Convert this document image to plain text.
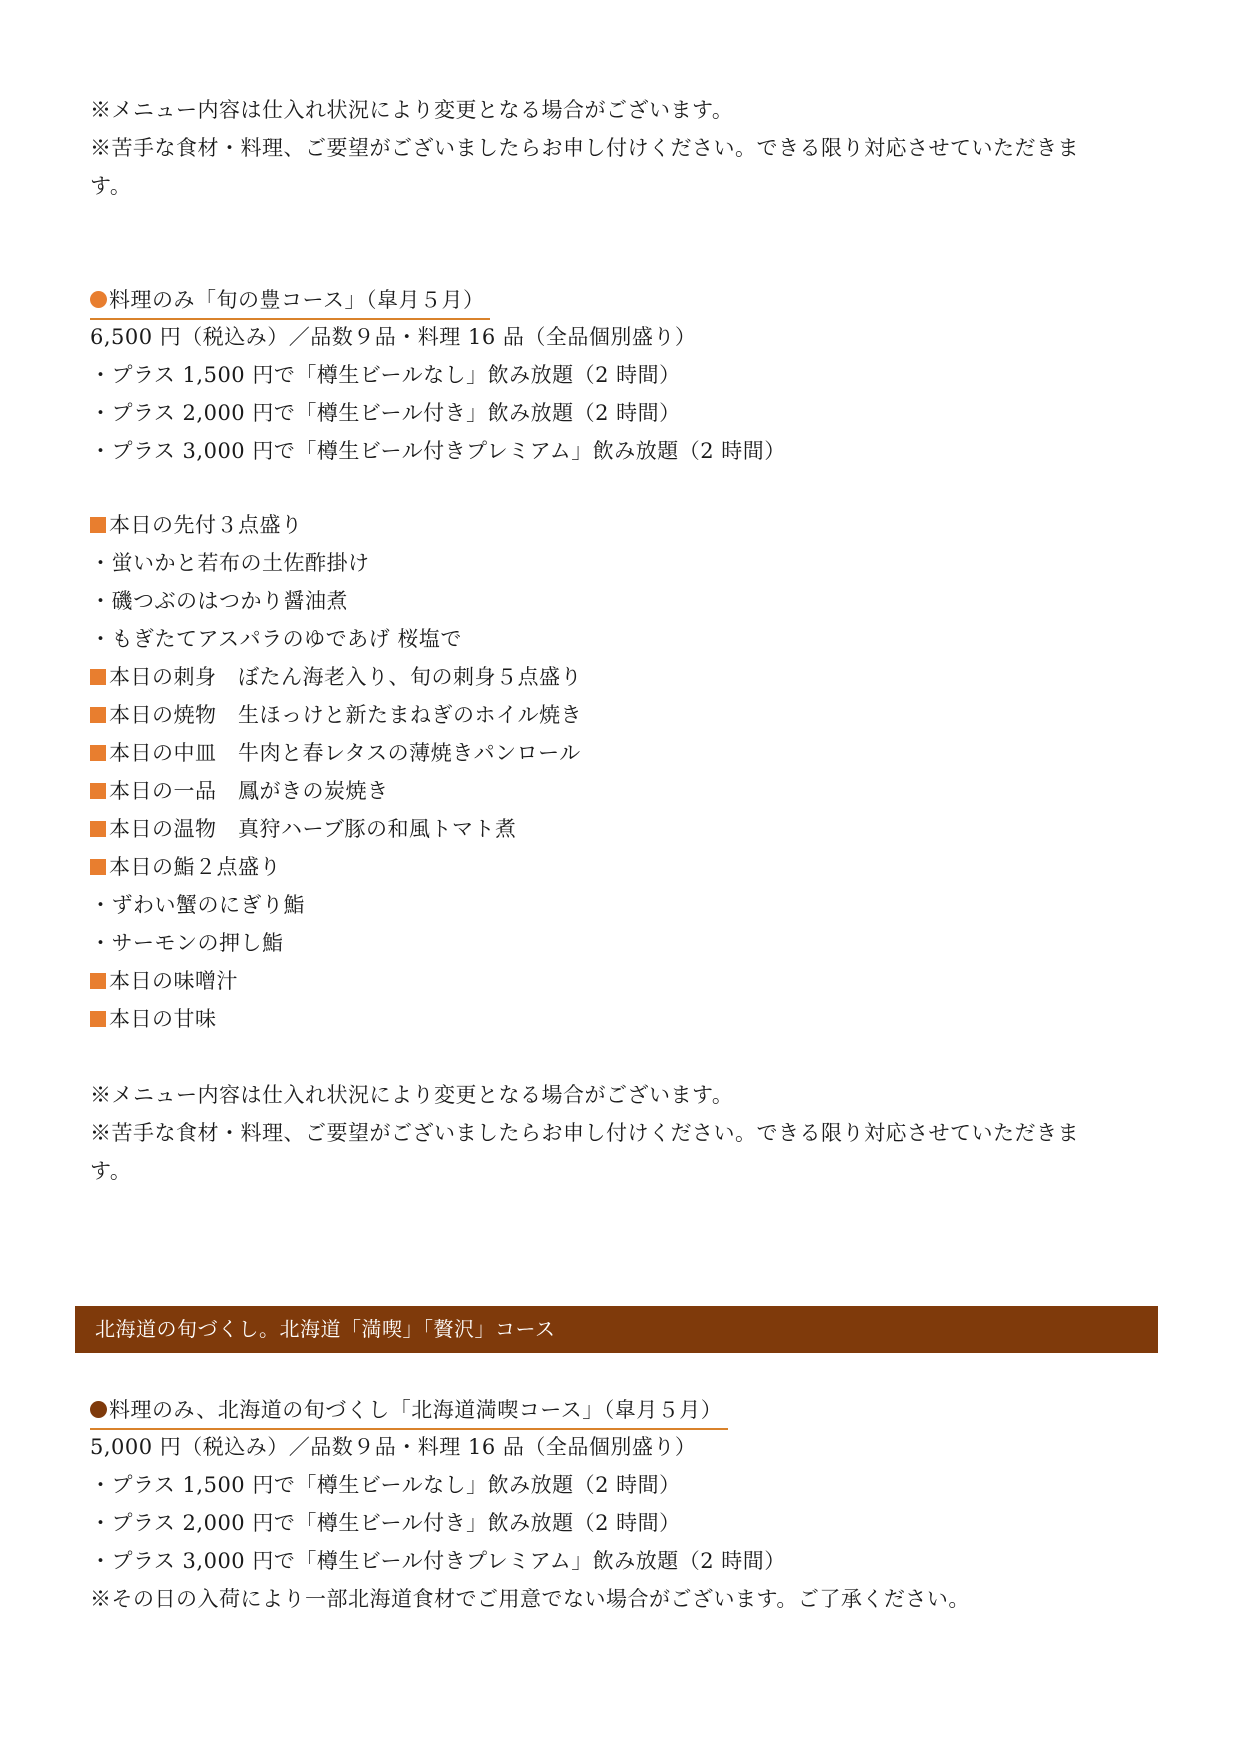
※メニュー内容は仕入れ状況により変更となる場合がございます。
※苦手な食材・料理、ご要望がございましたらお申し付けください。できる限り対応させていただきま
す。
料理のみ「旬の豊コース」（皐月５月）
6,500 円（税込み）／品数９品・料理 16 品（全品個別盛り）
・プラス 1,500 円で「樽生ビールなし」飲み放題（2 時間）
・プラス 2,000 円で「樽生ビール付き」飲み放題（2 時間）
・プラス 3,000 円で「樽生ビール付きプレミアム」飲み放題（2 時間）
本日の先付３点盛り
・蛍いかと若布の土佐酢掛け
・磯つぶのはつかり醤油煮
・もぎたてアスパラのゆであげ 桜塩で
本日の刺身　ぼたん海老入り、旬の刺身５点盛り
本日の焼物　生ほっけと新たまねぎのホイル焼き
本日の中皿　牛肉と春レタスの薄焼きパンロール
本日の一品　鳳がきの炭焼き
本日の温物　真狩ハーブ豚の和風トマト煮
本日の鮨２点盛り
・ずわい蟹のにぎり鮨
・サーモンの押し鮨
本日の味噌汁
本日の甘味
※メニュー内容は仕入れ状況により変更となる場合がございます。
※苦手な食材・料理、ご要望がございましたらお申し付けください。できる限り対応させていただきま
す。
北海道の旬づくし。北海道「満喫」「贅沢」コース
料理のみ、北海道の旬づくし「北海道満喫コース」（皐月５月）
5,000 円（税込み）／品数９品・料理 16 品（全品個別盛り）
・プラス 1,500 円で「樽生ビールなし」飲み放題（2 時間）
・プラス 2,000 円で「樽生ビール付き」飲み放題（2 時間）
・プラス 3,000 円で「樽生ビール付きプレミアム」飲み放題（2 時間）
※その日の入荷により一部北海道食材でご用意でない場合がございます。ご了承ください。
